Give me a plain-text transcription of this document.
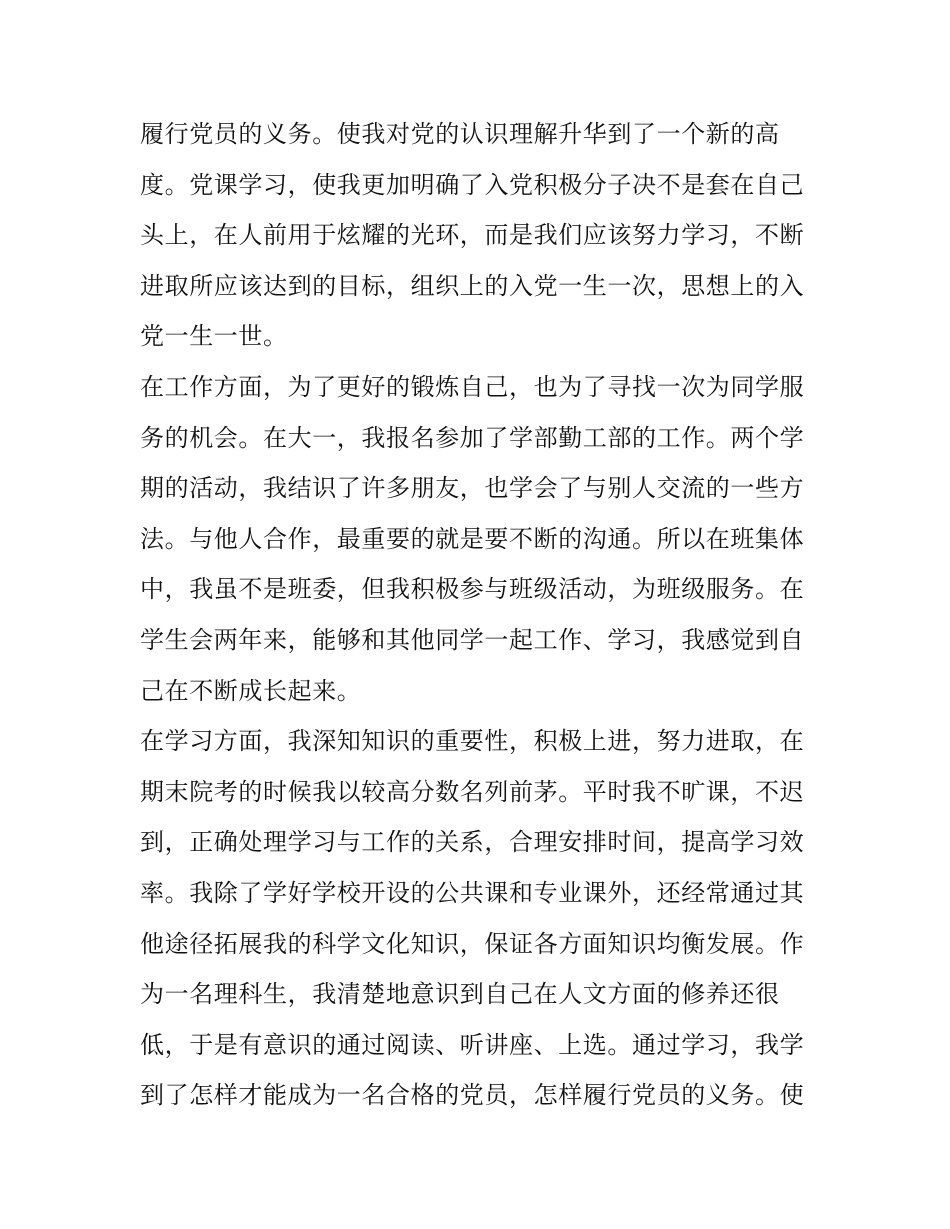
履行党员的义务。使我对党的认识理解升华到了一个新的高
度。党课学习，使我更加明确了入党积极分子决不是套在自己
头上，在人前用于炫耀的光环，而是我们应该努力学习，不断
进取所应该达到的目标，组织上的入党一生一次，思想上的入
党一生一世。
在工作方面，为了更好的锻炼自己，也为了寻找一次为同学服
务的机会。在大一，我报名参加了学部勤工部的工作。两个学
期的活动，我结识了许多朋友，也学会了与别人交流的一些方
法。与他人合作，最重要的就是要不断的沟通。所以在班集体
中，我虽不是班委，但我积极参与班级活动，为班级服务。在
学生会两年来，能够和其他同学一起工作、学习，我感觉到自
己在不断成长起来。
在学习方面，我深知知识的重要性，积极上进，努力进取，在
期末院考的时候我以较高分数名列前茅。平时我不旷课，不迟
到，正确处理学习与工作的关系，合理安排时间，提高学习效
率。我除了学好学校开设的公共课和专业课外，还经常通过其
他途径拓展我的科学文化知识，保证各方面知识均衡发展。作
为一名理科生，我清楚地意识到自己在人文方面的修养还很
低，于是有意识的通过阅读、听讲座、上选。通过学习，我学
到了怎样才能成为一名合格的党员，怎样履行党员的义务。使
